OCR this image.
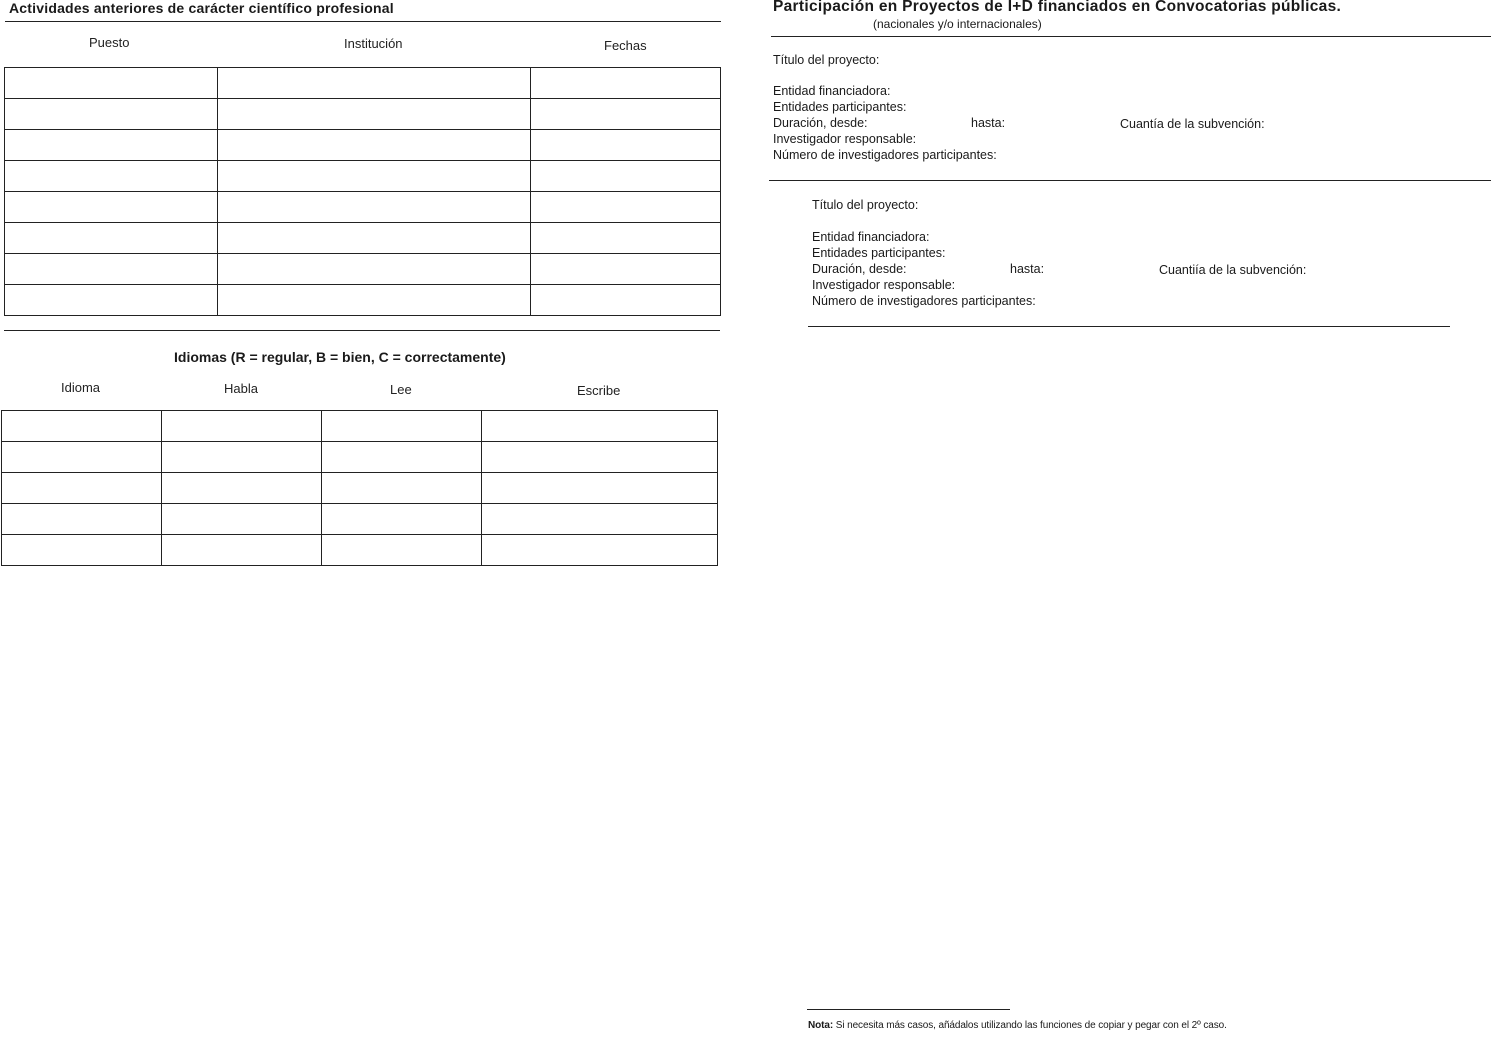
Actividades anteriores de carácter científico profesional
Puesto	Institución	Fechas

Idiomas (R = regular, B = bien, C = correctamente)
Idioma	Habla	Lee	Escribe

Participación en Proyectos de I+D financiados en Convocatorias públicas.
(nacionales y/o internacionales)
Título del proyecto:
Entidad financiadora:
Entidades participantes:
Duración, desde:	hasta:	Cuantía de la subvención:
Investigador responsable:
Número de investigadores participantes:
Título del proyecto:
Entidad financiadora:
Entidades participantes:
Duración, desde:	hasta:	Cuantiía de la subvención:
Investigador responsable:
Número de investigadores participantes:
Nota: Si necesita más casos, añádalos utilizando las funciones de copiar y pegar con el 2º caso.
